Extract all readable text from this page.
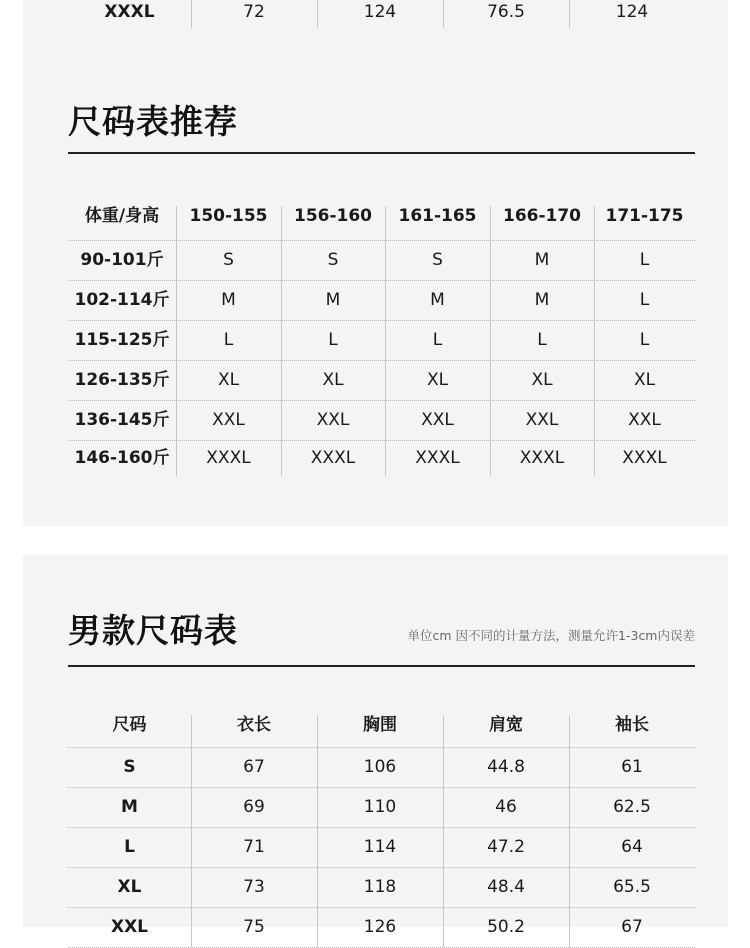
XXXL	72	124	76.5	124
尺码表推荐
体重/身高	150-155	156-160	161-165	166-170	171-175
90-101斤	S	S	S	M	L
102-114斤	M	M	M	M	L
115-125斤	L	L	L	L	L
126-135斤	XL	XL	XL	XL	XL
136-145斤	XXL	XXL	XXL	XXL	XXL
146-160斤	XXXL	XXXL	XXXL	XXXL	XXXL
男款尺码表	单位cm 因不同的计量方法，测量允许1-3cm内误差
尺码	衣长	胸围	肩宽	袖长
S	67	106	44.8	61
M	69	110	46	62.5
L	71	114	47.2	64
XL	73	118	48.4	65.5
XXL	75	126	50.2	67
